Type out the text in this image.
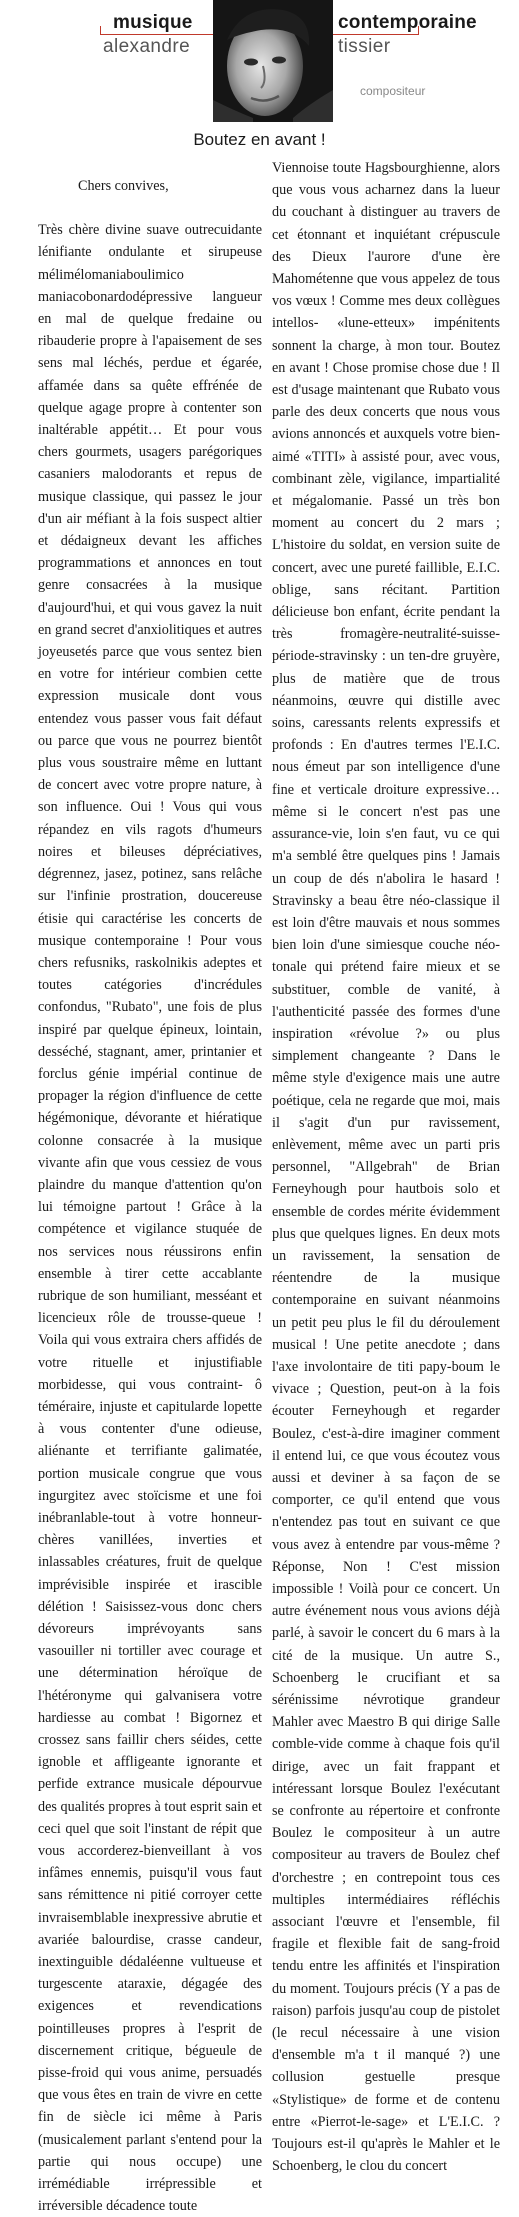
musique
alexandre
contemporaine
tissier
compositeur
Boutez en avant !

Chers convives,

Très chère divine suave outrecuidante lénifiante ondulante et sirupeuse mélimélomaniaboulimico maniacobonardodépressive langueur en mal de quelque fredaine ou ribauderie propre à l'apaisement de ses sens mal léchés, perdue et égarée, affamée dans sa quête effrénée de quelque agage propre à contenter son inaltérable appétit… Et pour vous chers gourmets, usagers parégoriques casaniers malodorants et repus de musique classique, qui passez le jour d'un air méfiant à la fois suspect altier et dédaigneux devant les affiches programmations et annonces en tout genre consacrées à la musique d'aujourd'hui, et qui vous gavez la nuit en grand secret d'anxiolitiques et autres joyeusetés parce que vous sentez bien en votre for intérieur combien cette expression musicale dont vous entendez vous passer vous fait défaut ou parce que vous ne pourrez bientôt plus vous soustraire même en luttant de concert avec votre propre nature, à son influence. Oui ! Vous qui vous répandez en vils ragots d'humeurs noires et bileuses dépréciatives, dégrennez, jasez, potinez, sans relâche sur l'infinie prostration, doucereuse étisie qui caractérise les concerts de musique contemporaine ! Pour vous chers refusniks, raskolnikis adeptes et toutes catégories d'incrédules confondus, "Rubato", une fois de plus inspiré par quelque épineux, lointain, desséché, stagnant, amer, printanier et forclus génie impérial continue de propager la région d'influence de cette hégémonique, dévorante et hiératique colonne consacrée à la musique vivante afin que vous cessiez de vous plaindre du manque d'attention qu'on lui témoigne partout ! Grâce à la compétence et vigilance stuquée de nos services nous réussirons enfin ensemble à tirer cette accablante rubrique de son humiliant, messéant et licencieux rôle de trousse-queue ! Voila qui vous extraira chers affidés de votre rituelle et injustifiable morbidesse, qui vous contraint- ô téméraire, injuste et capitularde lopette à vous contenter d'une odieuse, aliénante et terrifiante galimatée, portion musicale congrue que vous ingurgitez avec stoïcisme et une foi inébranlable-tout à votre honneur-chères vanillées, inverties et inlassables créatures, fruit de quelque imprévisible inspirée et irascible délétion ! Saisissez-vous donc chers dévoreurs imprévoyants sans vasouiller ni tortiller avec courage et une détermination héroïque de l'hétéronyme qui galvanisera votre hardiesse au combat ! Bigornez et crossez sans faillir chers séides, cette ignoble et affligeante ignorante et perfide extrance musicale dépourvue des qualités propres à tout esprit sain et ceci quel que soit l'instant de répit que vous accorderez-bienveillant à vos infâmes ennemis, puisqu'il vous faut sans rémittence ni pitié corroyer cette invraisemblable inexpressive abrutie et avariée balourdise, crasse candeur, inextinguible dédaléenne vultueuse et turgescente ataraxie, dégagée des exigences et revendications pointilleuses propres à l'esprit de discernement critique, bégueule de pisse-froid qui vous anime, persuadés que vous êtes en train de vivre en cette fin de siècle ici même à Paris (musicalement parlant s'entend pour la partie qui nous occupe) une irrémédiable irrépressible et irréversible décadence toute

Viennoise toute Hagsbourghienne, alors que vous vous acharnez dans la lueur du couchant à distinguer au travers de cet étonnant et inquiétant crépuscule des Dieux l'aurore d'une ère Mahométenne que vous appelez de tous vos vœux ! Comme mes deux collègues intellos- «lune-etteux» impénitents sonnent la charge, à mon tour. Boutez en avant ! Chose promise chose due ! Il est d'usage maintenant que Rubato vous parle des deux concerts que nous vous avions annoncés et auxquels votre bien-aimé «TITI» à assisté pour, avec vous, combinant zèle, vigilance, impartialité et mégalomanie. Passé un très bon moment au concert du 2 mars ; L'histoire du soldat, en version suite de concert, avec une pureté faillible, E.I.C. oblige, sans récitant. Partition délicieuse bon enfant, écrite pendant la très fromagère-neutralité-suisse-période-stravinsky : un ten-dre gruyère, plus de matière que de trous néanmoins, œuvre qui distille avec soins, caressants relents expressifs et profonds : En d'autres termes l'E.I.C. nous émeut par son intelligence d'une fine et verticale droiture expressive… même si le concert n'est pas une assurance-vie, loin s'en faut, vu ce qui m'a semblé être quelques pins ! Jamais un coup de dés n'abolira le hasard ! Stravinsky a beau être néo-classique il est loin d'être mauvais et nous sommes bien loin d'une simiesque couche néo-tonale qui prétend faire mieux et se substituer, comble de vanité, à l'authenticité passée des formes d'une inspiration «révolue ?» ou plus simplement changeante ? Dans le même style d'exigence mais une autre poétique, cela ne regarde que moi, mais il s'agit d'un pur ravissement, enlèvement, même avec un parti pris personnel, "Allgebrah" de Brian Ferneyhough pour hautbois solo et ensemble de cordes mérite évidemment plus que quelques lignes. En deux mots un ravissement, la sensation de réentendre de la musique contemporaine en suivant néanmoins un petit peu plus le fil du déroulement musical ! Une petite anecdote ; dans l'axe involontaire de titi papy-boum le vivace ; Question, peut-on à la fois écouter Ferneyhough et regarder Boulez, c'est-à-dire imaginer comment il entend lui, ce que vous écoutez vous aussi et deviner à sa façon de se comporter, ce qu'il entend que vous n'entendez pas tout en suivant ce que vous avez à entendre par vous-même ? Réponse, Non ! C'est mission impossible ! Voilà pour ce concert. Un autre événement nous vous avions déjà parlé, à savoir le concert du 6 mars à la cité de la musique. Un autre S., Schoenberg le crucifiant et sa sérénissime névrotique grandeur Mahler avec Maestro B qui dirige Salle comble-vide comme à chaque fois qu'il dirige, avec un fait frappant et intéressant lorsque Boulez l'exécutant se confronte au répertoire et confronte Boulez le compositeur à un autre compositeur au travers de Boulez chef d'orchestre ; en contrepoint tous ces multiples intermédiaires réfléchis associant l'œuvre et l'ensemble, fil fragile et flexible fait de sang-froid tendu entre les affinités et l'inspiration du moment. Toujours précis (Y a pas de raison) parfois jusqu'au coup de pistolet (le recul nécessaire à une vision d'ensemble m'a t il manqué ?) une collusion gestuelle presque «Stylistique» de forme et de contenu entre «Pierrot-le-sage» et L'E.I.C. ? Toujours est-il qu'après le Mahler et le Schoenberg, le clou du concert
